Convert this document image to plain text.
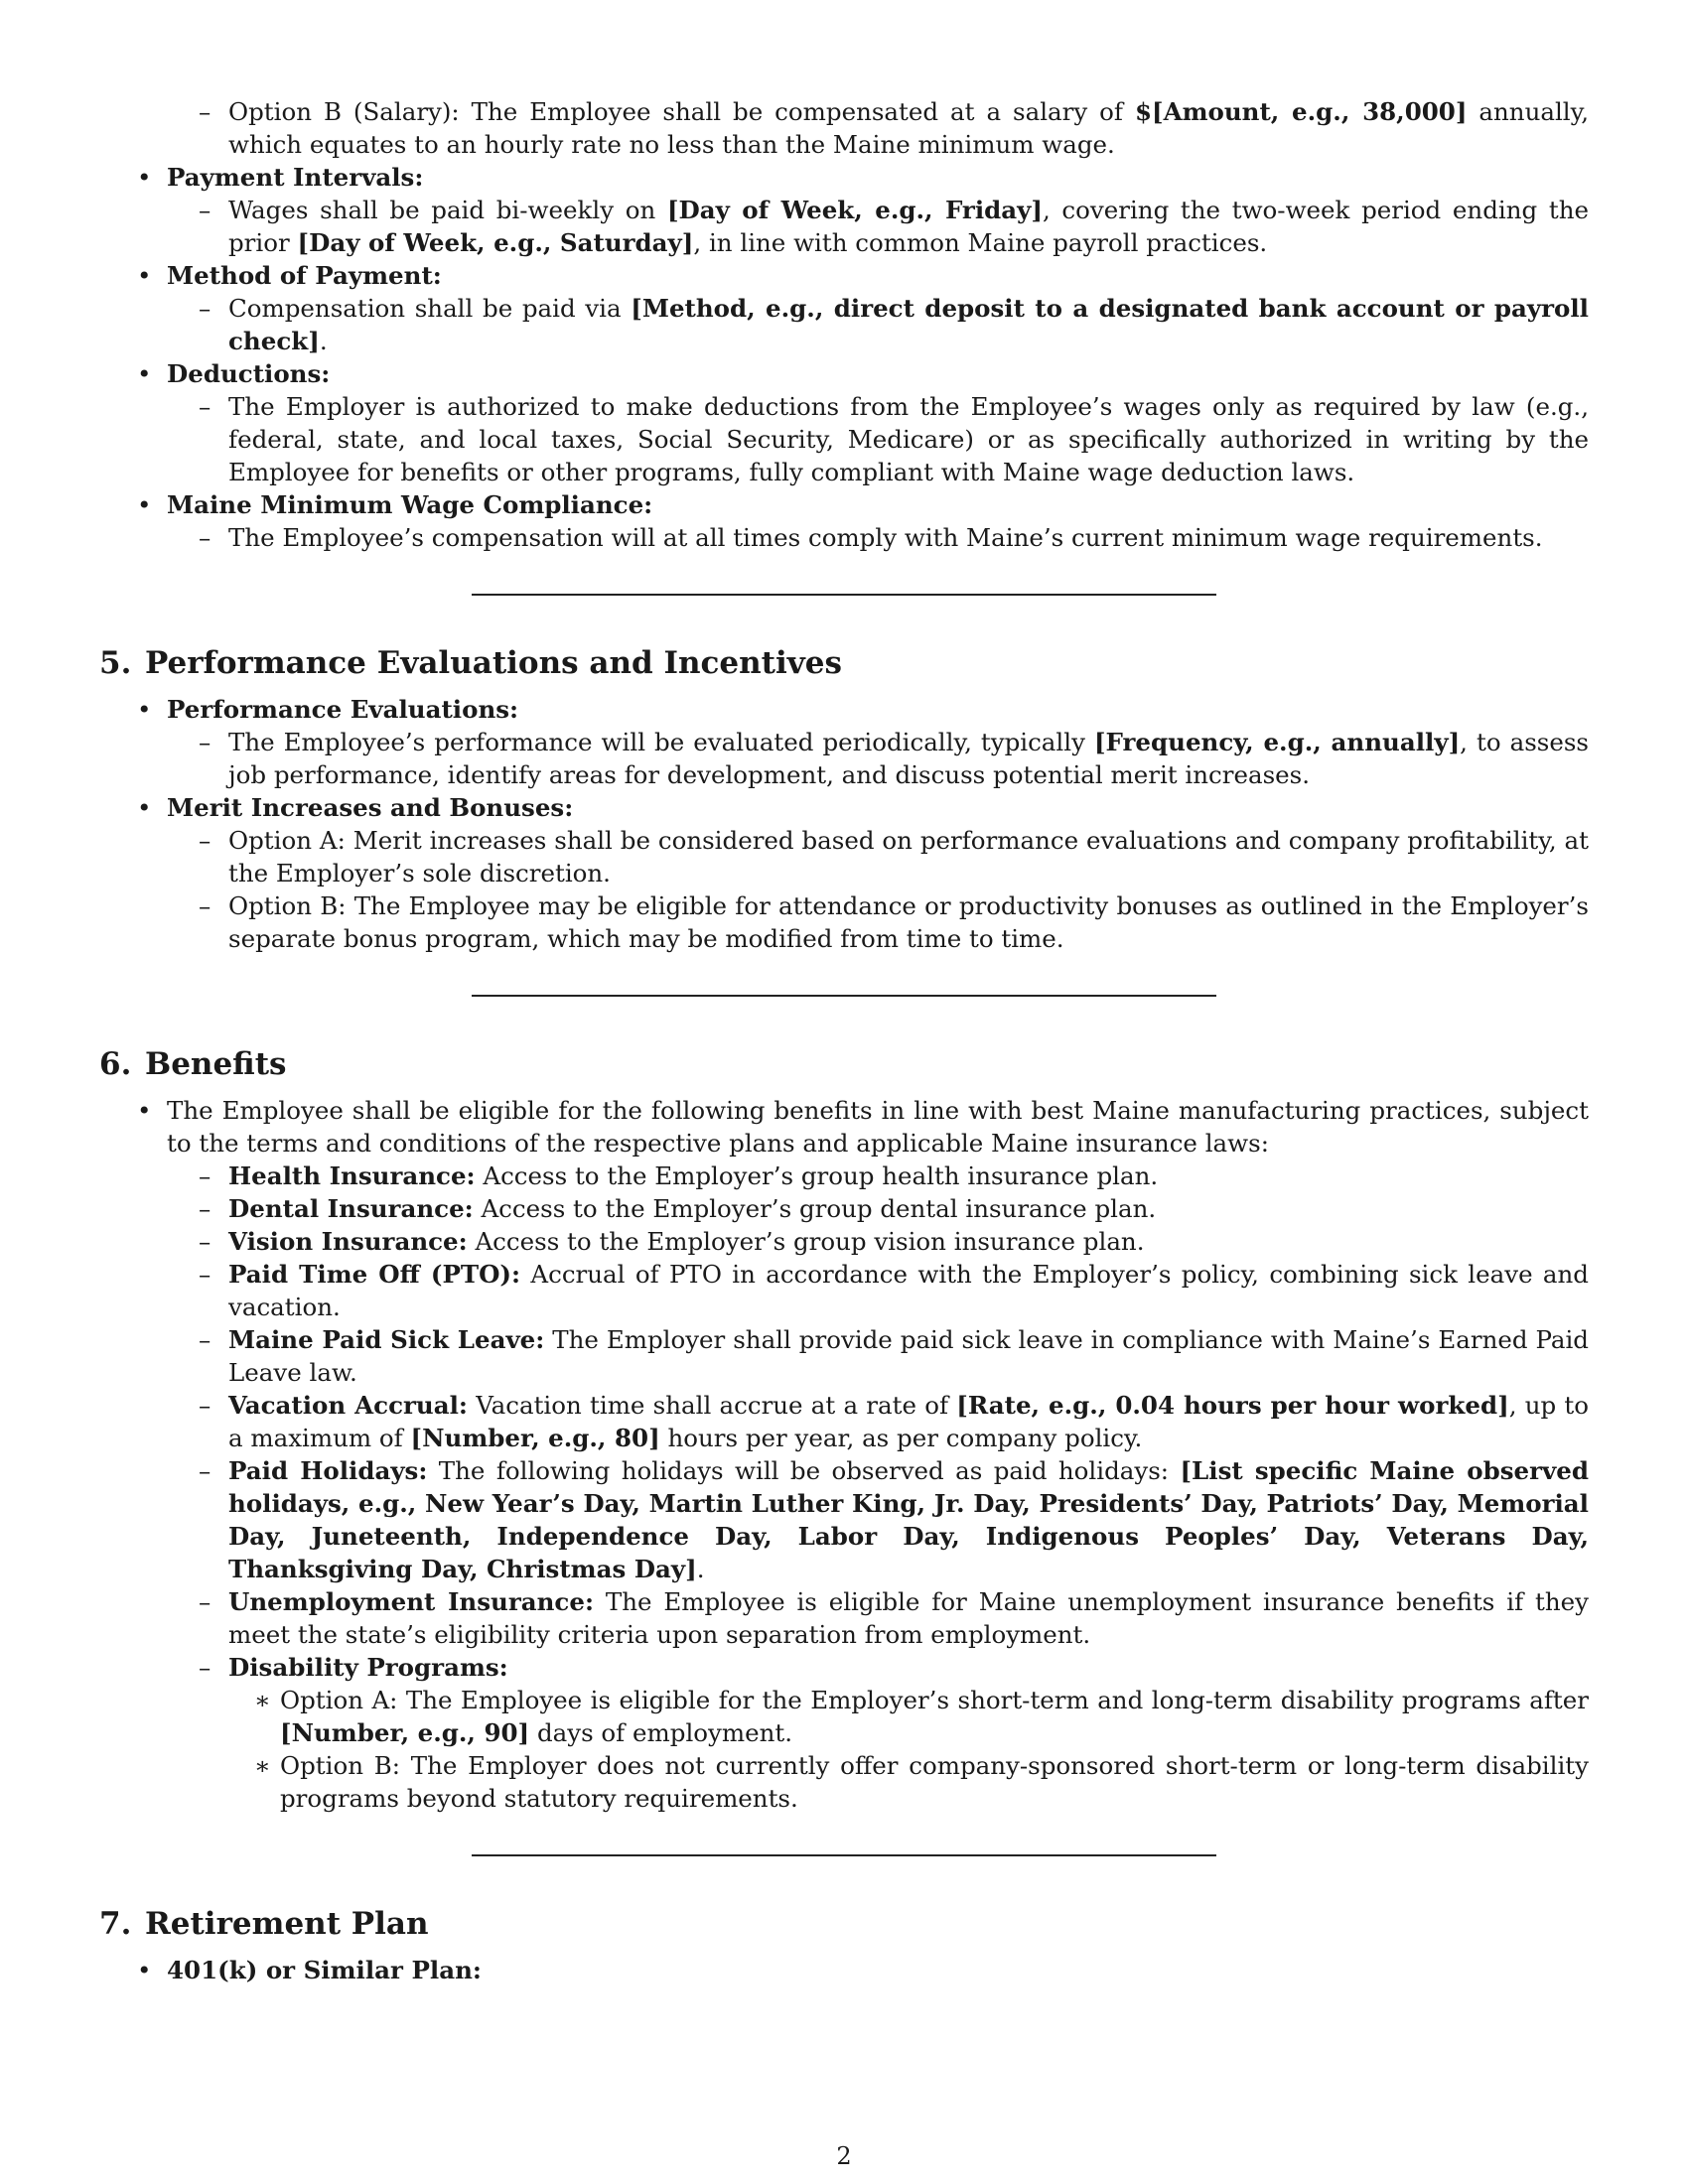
– Option B (Salary): The Employee shall be compensated at a salary of $[Amount, e.g., 38,000] annually, which equates to an hourly rate no less than the Maine minimum wage.
• Payment Intervals:
– Wages shall be paid bi-weekly on [Day of Week, e.g., Friday], covering the two-week period ending the prior [Day of Week, e.g., Saturday], in line with common Maine payroll practices.
• Method of Payment:
– Compensation shall be paid via [Method, e.g., direct deposit to a designated bank account or payroll check].
• Deductions:
– The Employer is authorized to make deductions from the Employee’s wages only as required by law (e.g., federal, state, and local taxes, Social Security, Medicare) or as specifically authorized in writing by the Employee for benefits or other programs, fully compliant with Maine wage deduction laws.
• Maine Minimum Wage Compliance:
– The Employee’s compensation will at all times comply with Maine’s current minimum wage requirements.
5. Performance Evaluations and Incentives
• Performance Evaluations:
– The Employee’s performance will be evaluated periodically, typically [Frequency, e.g., annually], to assess job performance, identify areas for development, and discuss potential merit increases.
• Merit Increases and Bonuses:
– Option A: Merit increases shall be considered based on performance evaluations and company profitability, at the Employer’s sole discretion.
– Option B: The Employee may be eligible for attendance or productivity bonuses as outlined in the Employer’s separate bonus program, which may be modified from time to time.
6. Benefits
• The Employee shall be eligible for the following benefits in line with best Maine manufacturing practices, subject to the terms and conditions of the respective plans and applicable Maine insurance laws:
– Health Insurance: Access to the Employer’s group health insurance plan.
– Dental Insurance: Access to the Employer’s group dental insurance plan.
– Vision Insurance: Access to the Employer’s group vision insurance plan.
– Paid Time Off (PTO): Accrual of PTO in accordance with the Employer’s policy, combining sick leave and vacation.
– Maine Paid Sick Leave: The Employer shall provide paid sick leave in compliance with Maine’s Earned Paid Leave law.
– Vacation Accrual: Vacation time shall accrue at a rate of [Rate, e.g., 0.04 hours per hour worked], up to a maximum of [Number, e.g., 80] hours per year, as per company policy.
– Paid Holidays: The following holidays will be observed as paid holidays: [List specific Maine observed holidays, e.g., New Year’s Day, Martin Luther King, Jr. Day, Presidents’ Day, Patriots’ Day, Memorial Day, Juneteenth, Independence Day, Labor Day, Indigenous Peoples’ Day, Veterans Day, Thanksgiving Day, Christmas Day].
– Unemployment Insurance: The Employee is eligible for Maine unemployment insurance benefits if they meet the state’s eligibility criteria upon separation from employment.
– Disability Programs:
∗ Option A: The Employee is eligible for the Employer’s short-term and long-term disability programs after [Number, e.g., 90] days of employment.
∗ Option B: The Employer does not currently offer company-sponsored short-term or long-term disability programs beyond statutory requirements.
7. Retirement Plan
• 401(k) or Similar Plan:
2
